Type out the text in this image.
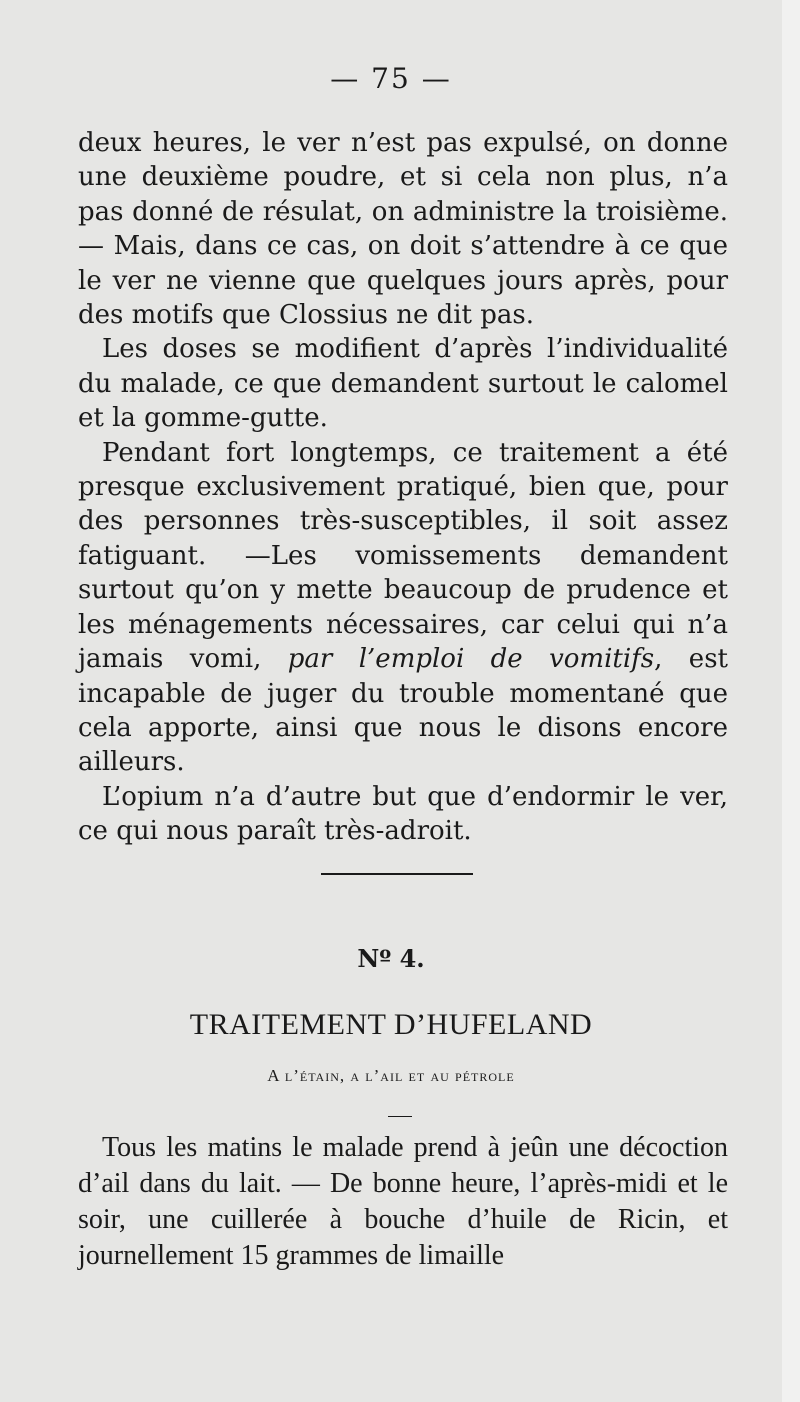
— 75 —

deux heures, le ver n’est pas expulsé, on donne une deuxième poudre, et si cela non plus, n’a pas donné de résulat, on administre la troisième. — Mais, dans ce cas, on doit s’attendre à ce que le ver ne vienne que quelques jours après, pour des motifs que Clossius ne dit pas.

Les doses se modifient d’après l’individualité du malade, ce que demandent surtout le calomel et la gomme-gutte.

Pendant fort longtemps, ce traitement a été presque exclusivement pratiqué, bien que, pour des personnes très-susceptibles, il soit assez fatiguant. —Les vomissements demandent surtout qu’on y mette beaucoup de prudence et les ménagements nécessaires, car celui qui n’a jamais vomi, par l’emploi de vomitifs, est incapable de juger du trouble momentané que cela apporte, ainsi que nous le disons encore ailleurs.

L’opium n’a d’autre but que d’endormir le ver, ce qui nous paraît très-adroit.

Nº 4.
TRAITEMENT D’HUFELAND
A l’étain, a l’ail et au pétrole

Tous les matins le malade prend à jeûn une décoction d’ail dans du lait. — De bonne heure, l’après-midi et le soir, une cuillerée à bouche d’huile de Ricin, et journellement 15 grammes de limaille
